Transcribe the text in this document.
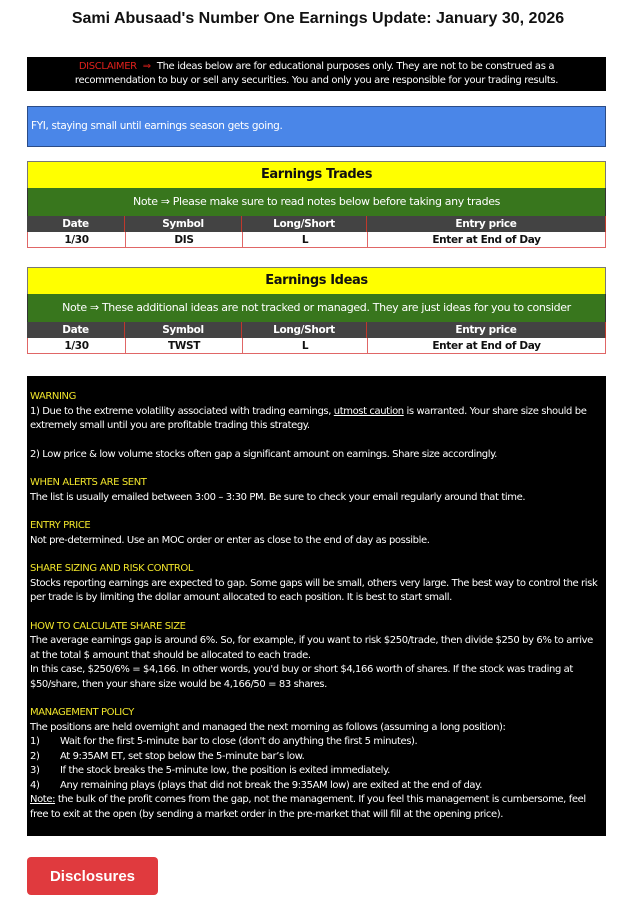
Sami Abusaad's Number One Earnings Update: January 30, 2026
DISCLAIMER ⇒ The ideas below are for educational purposes only. They are not to be construed as a
recommendation to buy or sell any securities. You and only you are responsible for your trading results.
FYI, staying small until earnings season gets going.
Earnings Trades
Note ⇒ Please make sure to read notes below before taking any trades
Date	Symbol	Long/Short	Entry price
1/30	DIS	L	Enter at End of Day
Earnings Ideas
Note ⇒ These additional ideas are not tracked or managed. They are just ideas for you to consider
Date	Symbol	Long/Short	Entry price
1/30	TWST	L	Enter at End of Day

WARNING

1) Due to the extreme volatility associated with trading earnings, utmost caution is warranted. Your share size should be extremely small until you are profitable trading this strategy.

2) Low price & low volume stocks often gap a significant amount on earnings. Share size accordingly.

WHEN ALERTS ARE SENT

The list is usually emailed between 3:00 – 3:30 PM. Be sure to check your email regularly around that time.

ENTRY PRICE

Not pre-determined. Use an MOC order or enter as close to the end of day as possible.

SHARE SIZING AND RISK CONTROL

Stocks reporting earnings are expected to gap. Some gaps will be small, others very large. The best way to control the risk per trade is by limiting the dollar amount allocated to each position. It is best to start small.

HOW TO CALCULATE SHARE SIZE

The average earnings gap is around 6%. So, for example, if you want to risk $250/trade, then divide $250 by 6% to arrive at the total $ amount that should be allocated to each trade.

In this case, $250/6% = $4,166. In other words, you'd buy or short $4,166 worth of shares. If the stock was trading at $50/share, then your share size would be 4,166/50 = 83 shares.

MANAGEMENT POLICY

The positions are held overnight and managed the next morning as follows (assuming a long position):

1)	Wait for the first 5-minute bar to close (don't do anything the first 5 minutes).
2)	At 9:35AM ET, set stop below the 5-minute bar’s low.
3)	If the stock breaks the 5-minute low, the position is exited immediately.
4)	Any remaining plays (plays that did not break the 9:35AM low) are exited at the end of day.

Note: the bulk of the profit comes from the gap, not the management. If you feel this management is cumbersome, feel free to exit at the open (by sending a market order in the pre-market that will fill at the opening price).

Disclosures
